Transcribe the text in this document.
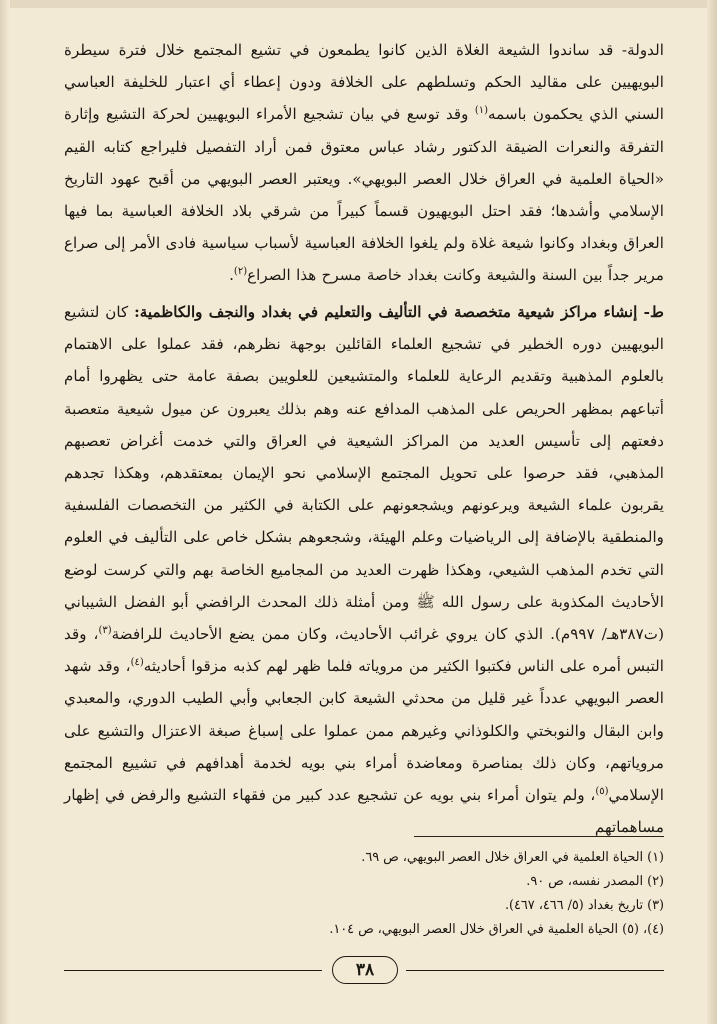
الدولة- قد ساندوا الشيعة الغلاة الذين كانوا يطمعون في تشيع المجتمع خلال فترة سيطرة البويهيين على مقاليد الحكم وتسلطهم على الخلافة ودون إعطاء أي اعتبار للخليفة العباسي السني الذي يحكمون باسمه$^{(١)}$ وقد توسع في بيان تشجيع الأمراء البويهيين لحركة التشيع وإثارة التفرقة والنعرات الضيقة الدكتور رشاد عباس معتوق فمن أراد التفصيل فليراجع كتابه القيم «الحياة العلمية في العراق خلال العصر البويهي». ويعتبر العصر البويهي من أقبح عهود التاريخ الإسلامي وأشدها؛ فقد احتل البويهيون قسماً كبيراً من شرقي بلاد الخلافة العباسية بما فيها العراق وبغداد وكانوا شيعة غلاة ولم يلغوا الخلافة العباسية لأسباب سياسية فادى الأمر إلى صراع مرير جداً بين السنة والشيعة وكانت بغداد خاصة مسرح هذا الصراع$^{(٢)}$.

ط- إنشاء مراكز شيعية متخصصة في التأليف والتعليم في بغداد والنجف والكاظمية: كان لتشيع البويهيين دوره الخطير في تشجيع العلماء القائلين بوجهة نظرهم، فقد عملوا على الاهتمام بالعلوم المذهبية وتقديم الرعاية للعلماء والمتشيعين للعلويين بصفة عامة حتى يظهروا أمام أتباعهم بمظهر الحريص على المذهب المدافع عنه وهم بذلك يعبرون عن ميول شيعية متعصبة دفعتهم إلى تأسيس العديد من المراكز الشيعية في العراق والتي خدمت أغراض تعصبهم المذهبي، فقد حرصوا على تحويل المجتمع الإسلامي نحو الإيمان بمعتقدهم، وهكذا تجدهم يقربون علماء الشيعة ويرعونهم ويشجعونهم على الكتابة في الكثير من التخصصات الفلسفية والمنطقية بالإضافة إلى الرياضيات وعلم الهيئة، وشجعوهم بشكل خاص على التأليف في العلوم التي تخدم المذهب الشيعي، وهكذا ظهرت العديد من المجاميع الخاصة بهم والتي كرست لوضع الأحاديث المكذوبة على رسول الله ﷺ ومن أمثلة ذلك المحدث الرافضي أبو الفضل الشيباني (ت٣٨٧هـ/ ٩٩٧م). الذي كان يروي غرائب الأحاديث، وكان ممن يضع الأحاديث للرافضة$^{(٣)}$، وقد التبس أمره على الناس فكتبوا الكثير من مروياته فلما ظهر لهم كذبه مزقوا أحاديثه$^{(٤)}$، وقد شهد العصر البويهي عدداً غير قليل من محدثي الشيعة كابن الجعابي وأبي الطيب الدوري، والمعبدي وابن البقال والنوبختي والكلوذاني وغيرهم ممن عملوا على إسباغ صبغة الاعتزال والتشيع على مروياتهم، وكان ذلك بمناصرة ومعاضدة أمراء بني بويه لخدمة أهدافهم في تشييع المجتمع الإسلامي$^{(٥)}$، ولم يتوان أمراء بني بويه عن تشجيع عدد كبير من فقهاء التشيع والرفض في إظهار مساهماتهم

(١) الحياة العلمية في العراق خلال العصر البويهي، ص ٦٩.
(٢) المصدر نفسه، ص ٩٠.
(٣) تاريخ بغداد (٥/ ٤٦٦، ٤٦٧).
(٤)، (٥) الحياة العلمية في العراق خلال العصر البويهي، ص ١٠٤.
٣٨
